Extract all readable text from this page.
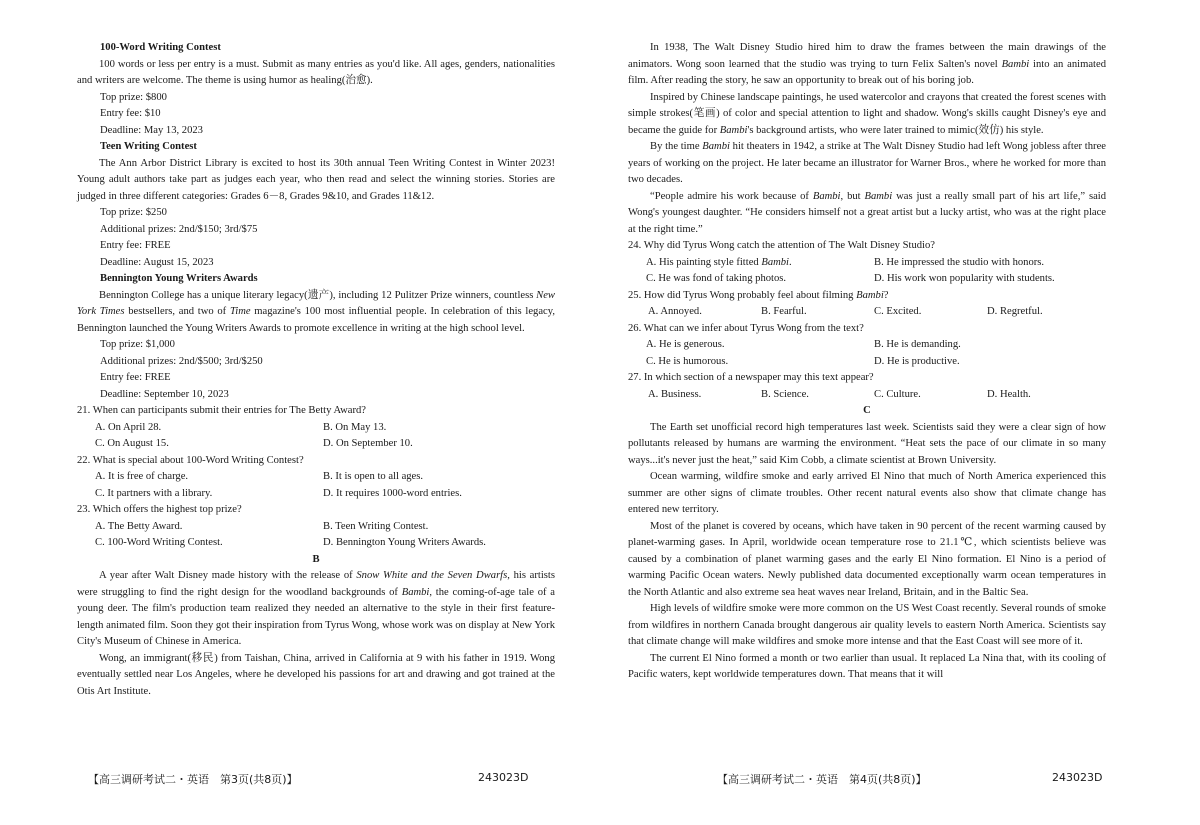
100-Word Writing Contest
100 words or less per entry is a must. Submit as many entries as you'd like. All ages, genders, nationalities and writers are welcome. The theme is using humor as healing(治愈).
Top prize: $800
Entry fee: $10
Deadline: May 13, 2023
Teen Writing Contest
The Ann Arbor District Library is excited to host its 30th annual Teen Writing Contest in Winter 2023! Young adult authors take part as judges each year, who then read and select the winning stories. Stories are judged in three different categories: Grades 6－8, Grades 9&10, and Grades 11&12.
Top prize: $250
Additional prizes: 2nd/$150; 3rd/$75
Entry fee: FREE
Deadline: August 15, 2023
Bennington Young Writers Awards
Bennington College has a unique literary legacy(遗产), including 12 Pulitzer Prize winners, countless New York Times bestsellers, and two of Time magazine's 100 most influential people. In celebration of this legacy, Bennington launched the Young Writers Awards to promote excellence in writing at the high school level.
Top prize: $1,000
Additional prizes: 2nd/$500; 3rd/$250
Entry fee: FREE
Deadline: September 10, 2023
21. When can participants submit their entries for The Betty Award?
A. On April 28.	B. On May 13.
C. On August 15.	D. On September 10.
22. What is special about 100-Word Writing Contest?
A. It is free of charge.	B. It is open to all ages.
C. It partners with a library.	D. It requires 1000-word entries.
23. Which offers the highest top prize?
A. The Betty Award.	B. Teen Writing Contest.
C. 100-Word Writing Contest.	D. Bennington Young Writers Awards.
B
A year after Walt Disney made history with the release of Snow White and the Seven Dwarfs, his artists were struggling to find the right design for the woodland backgrounds of Bambi, the coming-of-age tale of a young deer. The film's production team realized they needed an alternative to the style in their first feature-length animated film. Soon they got their inspiration from Tyrus Wong, whose work was on display at New York City's Museum of Chinese in America.
Wong, an immigrant(移民) from Taishan, China, arrived in California at 9 with his father in 1919. Wong eventually settled near Los Angeles, where he developed his passions for art and drawing and got trained at the Otis Art Institute.
In 1938, The Walt Disney Studio hired him to draw the frames between the main drawings of the animators. Wong soon learned that the studio was trying to turn Felix Salten's novel Bambi into an animated film. After reading the story, he saw an opportunity to break out of his boring job.
Inspired by Chinese landscape paintings, he used watercolor and crayons that created the forest scenes with simple strokes(笔画) of color and special attention to light and shadow. Wong's skills caught Disney's eye and became the guide for Bambi's background artists, who were later trained to mimic(效仿) his style.
By the time Bambi hit theaters in 1942, a strike at The Walt Disney Studio had left Wong jobless after three years of working on the project. He later became an illustrator for Warner Bros., where he worked for more than two decades.
“People admire his work because of Bambi, but Bambi was just a really small part of his art life,” said Wong's youngest daughter. “He considers himself not a great artist but a lucky artist, who was at the right place at the right time.”
24. Why did Tyrus Wong catch the attention of The Walt Disney Studio?
A. His painting style fitted Bambi.	B. He impressed the studio with honors.
C. He was fond of taking photos.	D. His work won popularity with students.
25. How did Tyrus Wong probably feel about filming Bambi?
A. Annoyed.	B. Fearful.	C. Excited.	D. Regretful.
26. What can we infer about Tyrus Wong from the text?
A. He is generous.	B. He is demanding.
C. He is humorous.	D. He is productive.
27. In which section of a newspaper may this text appear?
A. Business.	B. Science.	C. Culture.	D. Health.
C
The Earth set unofficial record high temperatures last week. Scientists said they were a clear sign of how pollutants released by humans are warming the environment. “Heat sets the pace of our climate in so many ways...it's never just the heat,” said Kim Cobb, a climate scientist at Brown University.
Ocean warming, wildfire smoke and early arrived El Nino that much of North America experienced this summer are other signs of climate troubles. Other recent natural events also show that climate change has entered new territory.
Most of the planet is covered by oceans, which have taken in 90 percent of the recent warming caused by planet-warming gases. In April, worldwide ocean temperature rose to 21.1℃, which scientists believe was caused by a combination of planet warming gases and the early El Nino formation. El Nino is a period of warming Pacific Ocean waters. Newly published data documented exceptionally warm ocean temperatures in the North Atlantic and also extreme sea heat waves near Ireland, Britain, and in the Baltic Sea.
High levels of wildfire smoke were more common on the US West Coast recently. Several rounds of smoke from wildfires in northern Canada brought dangerous air quality levels to eastern North America. Scientists say that climate change will make wildfires and smoke more intense and that the East Coast will see more of it.
The current El Nino formed a month or two earlier than usual. It replaced La Nina that, with its cooling of Pacific waters, kept worldwide temperatures down. That means that it will
【高三调研考试二・英语　第3页(共8页)】	243023D	【高三调研考试二・英语　第4页(共8页)】	243023D
